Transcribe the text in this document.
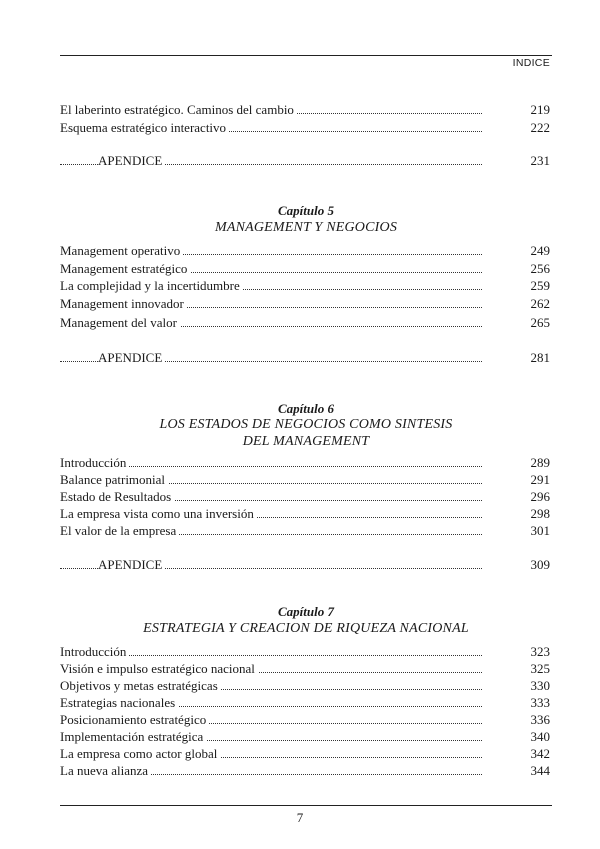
INDICE
El laberinto estratégico. Caminos del cambio	219
Esquema estratégico interactivo	222
APENDICE	231
Capítulo 5
MANAGEMENT Y NEGOCIOS
Management operativo	249
Management estratégico	256
La complejidad y la incertidumbre	259
Management innovador	262
Management del valor	265
APENDICE	281
Capítulo 6
LOS ESTADOS DE NEGOCIOS COMO SINTESIS
DEL MANAGEMENT
Introducción	289
Balance patrimonial	291
Estado de Resultados	296
La empresa vista como una inversión	298
El valor de la empresa	301
APENDICE	309
Capítulo 7
ESTRATEGIA Y CREACION DE RIQUEZA NACIONAL
Introducción	323
Visión e impulso estratégico nacional	325
Objetivos y metas estratégicas	330
Estrategias nacionales	333
Posicionamiento estratégico	336
Implementación estratégica	340
La empresa como actor global	342
La nueva alianza	344
7
